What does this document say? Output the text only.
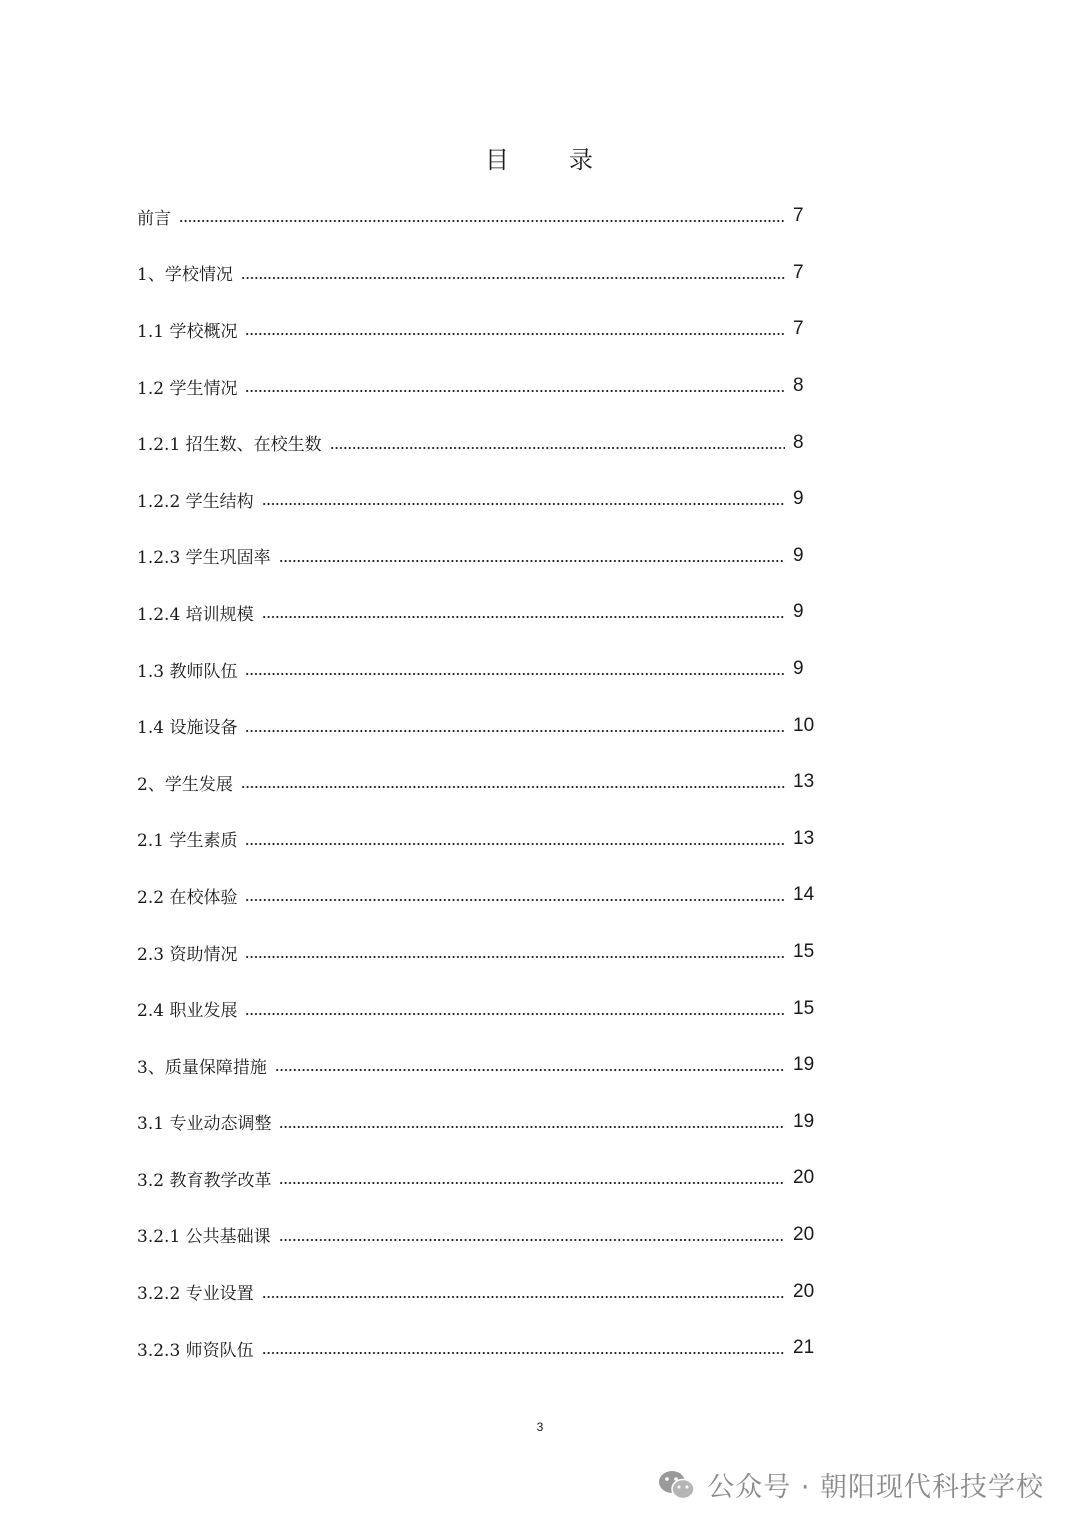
目 录
前言	7
1、学校情况	7
1.1 学校概况	7
1.2 学生情况	8
1.2.1 招生数、在校生数	8
1.2.2 学生结构	9
1.2.3 学生巩固率	9
1.2.4 培训规模	9
1.3 教师队伍	9
1.4 设施设备	10
2、学生发展	13
2.1 学生素质	13
2.2 在校体验	14
2.3 资助情况	15
2.4 职业发展	15
3、质量保障措施	19
3.1 专业动态调整	19
3.2 教育教学改革	20
3.2.1 公共基础课	20
3.2.2 专业设置	20
3.2.3 师资队伍	21
3
公众号 · 朝阳现代科技学校
